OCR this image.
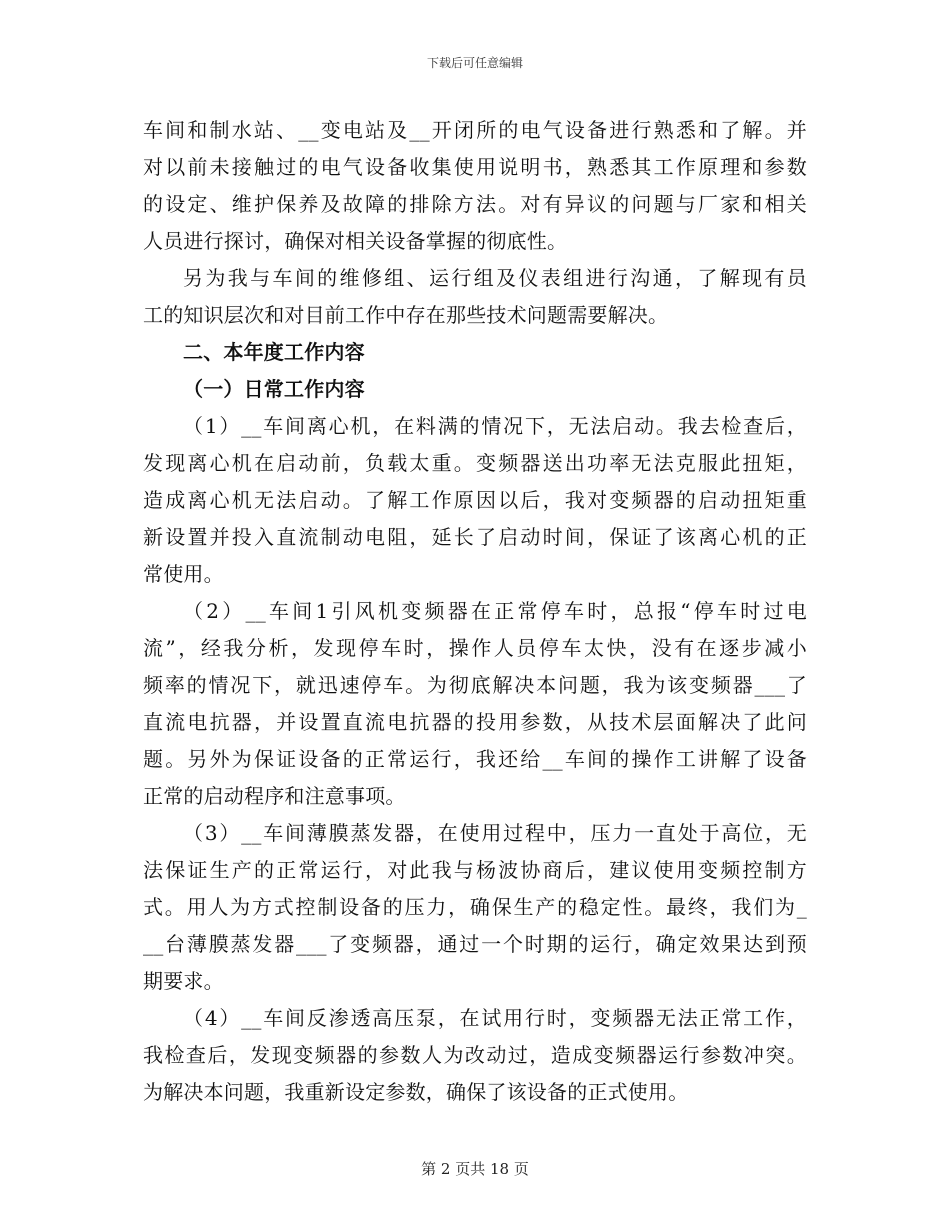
下载后可任意编辑
车间和制水站、__变电站及__开闭所的电气设备进行熟悉和了解。并
对以前未接触过的电气设备收集使用说明书，熟悉其工作原理和参数
的设定、维护保养及故障的排除方法。对有异议的问题与厂家和相关
人员进行探讨，确保对相关设备掌握的彻底性。
另为我与车间的维修组、运行组及仪表组进行沟通，了解现有员
工的知识层次和对目前工作中存在那些技术问题需要解决。
二、本年度工作内容
（一）日常工作内容
（1）__车间离心机，在料满的情况下，无法启动。我去检查后，
发现离心机在启动前，负载太重。变频器送出功率无法克服此扭矩，
造成离心机无法启动。了解工作原因以后，我对变频器的启动扭矩重
新设置并投入直流制动电阻，延长了启动时间，保证了该离心机的正
常使用。
（2）__车间1引风机变频器在正常停车时，总报“停车时过电
流”，经我分析，发现停车时，操作人员停车太快，没有在逐步减小
频率的情况下，就迅速停车。为彻底解决本问题，我为该变频器___了
直流电抗器，并设置直流电抗器的投用参数，从技术层面解决了此问
题。另外为保证设备的正常运行，我还给__车间的操作工讲解了设备
正常的启动程序和注意事项。
（3）__车间薄膜蒸发器，在使用过程中，压力一直处于高位，无
法保证生产的正常运行，对此我与杨波协商后，建议使用变频控制方
式。用人为方式控制设备的压力，确保生产的稳定性。最终，我们为_
__台薄膜蒸发器___了变频器，通过一个时期的运行，确定效果达到预
期要求。
（4）__车间反渗透高压泵，在试用行时，变频器无法正常工作，
我检查后，发现变频器的参数人为改动过，造成变频器运行参数冲突。
为解决本问题，我重新设定参数，确保了该设备的正式使用。
第 2 页共 18 页
